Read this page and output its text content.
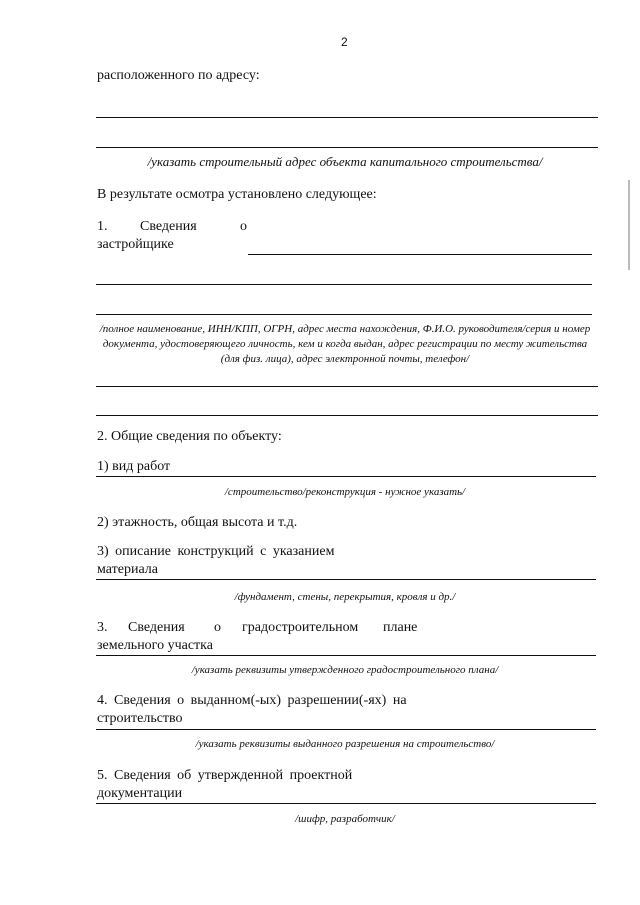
2
расположенного по адресу:
/указать строительный адрес объекта капитального строительства/
В результате осмотра установлено следующее:
1. Сведения	о
застройщике
/полное наименование, ИНН/КПП, ОГРН, адрес места нахождения, Ф.И.О. руководителя/серия и номер документа, удостоверяющего личность, кем и когда выдан, адрес регистрации по месту жительства (для физ. лица), адрес электронной почты, телефон/
2. Общие сведения по объекту:
1) вид работ
/строительство/реконструкция - нужное указать/
2) этажность, общая высота и т.д.
3) описание конструкций с указанием
материала
/фундамент, стены, перекрытия, кровля и др./
3. Сведения о градостроительном плане
земельного участка
/указать реквизиты утвержденного градостроительного плана/
4. Сведения о выданном(-ых) разрешении(-ях) на
строительство
/указать реквизиты выданного разрешения на строительство/
5. Сведения об утвержденной проектной
документации
/шифр, разработчик/
